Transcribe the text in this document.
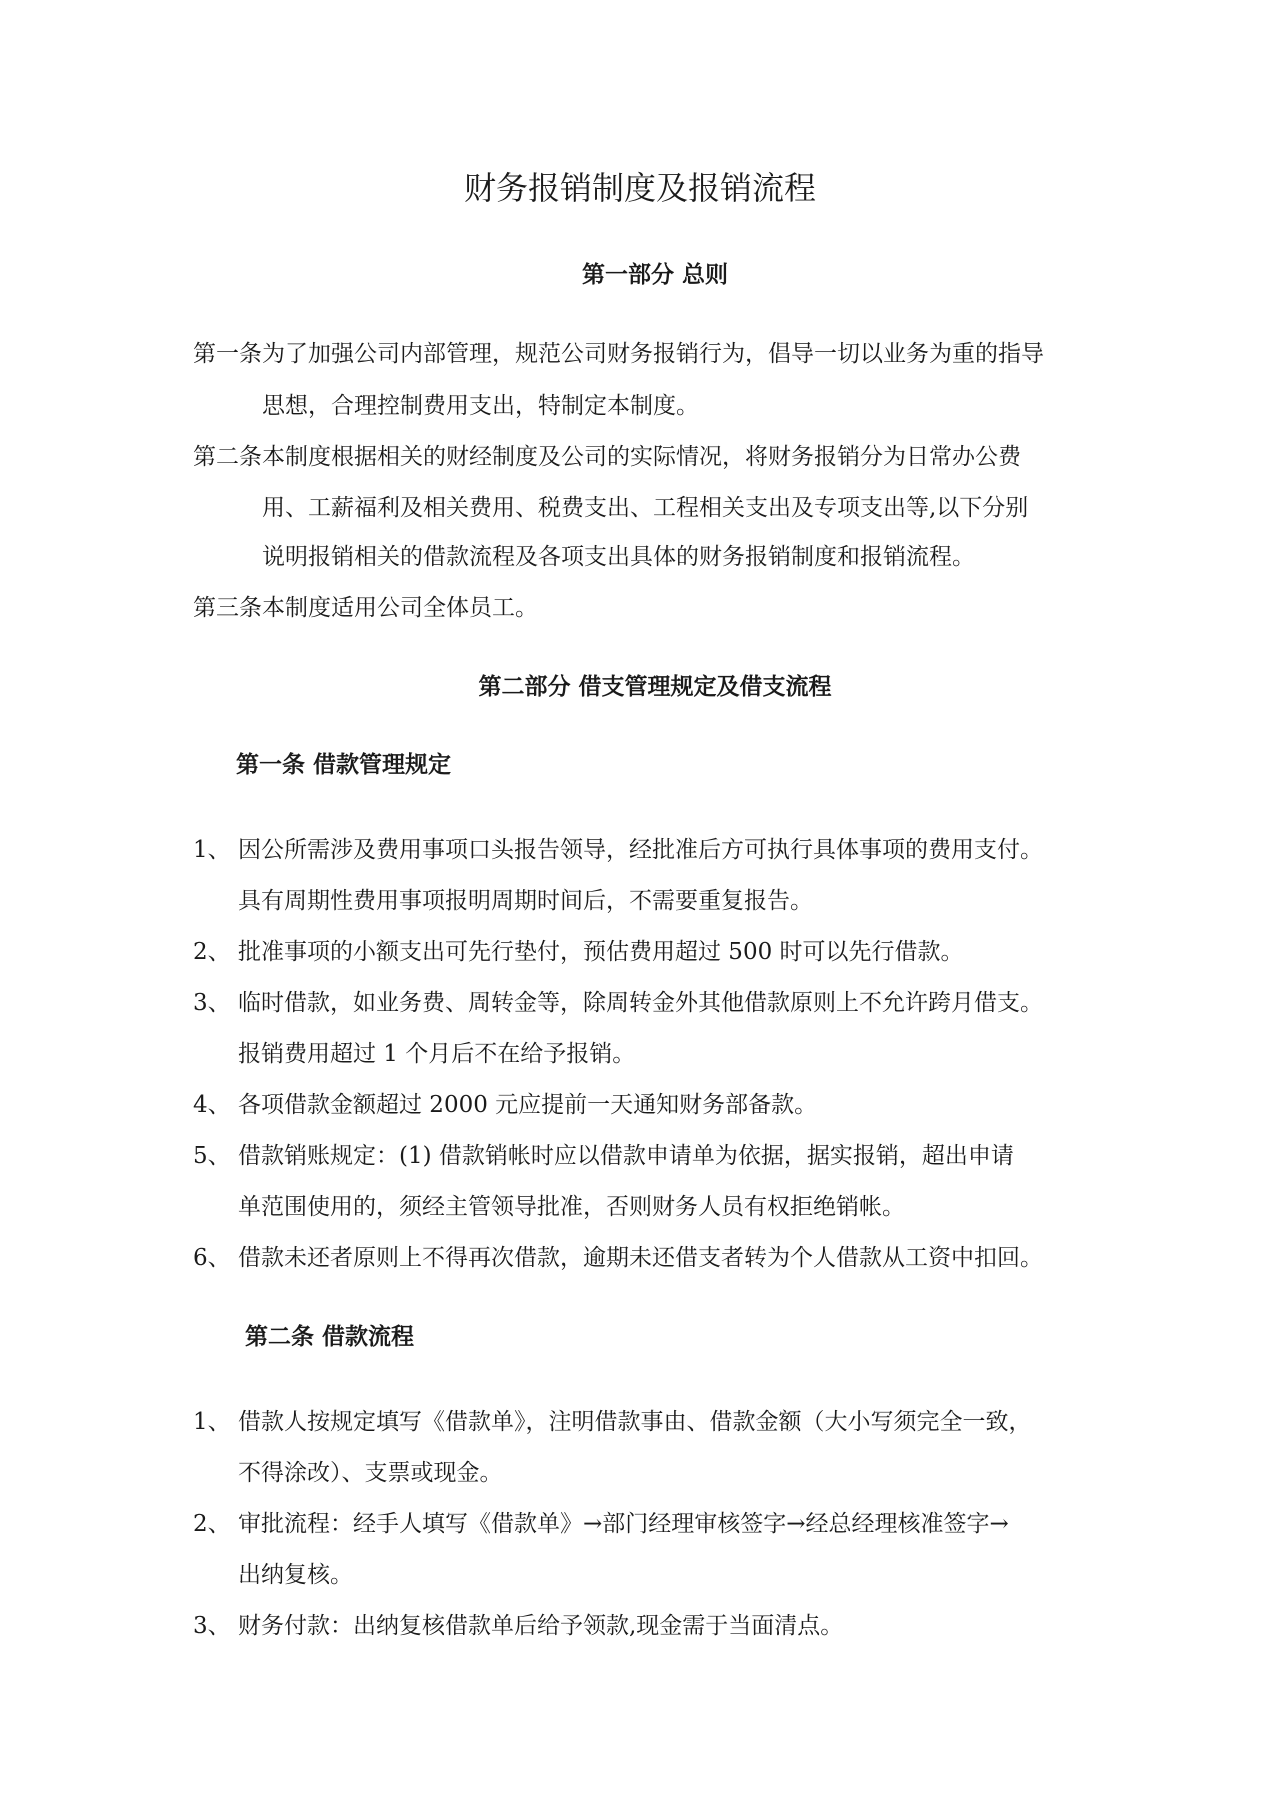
财务报销制度及报销流程
第一部分 总则

第一条为了加强公司内部管理，规范公司财务报销行为，倡导一切以业务为重的指导

思想，合理控制费用支出，特制定本制度。

第二条本制度根据相关的财经制度及公司的实际情况，将财务报销分为日常办公费

用、工薪福利及相关费用、税费支出、工程相关支出及专项支出等,以下分别

说明报销相关的借款流程及各项支出具体的财务报销制度和报销流程。

第三条本制度适用公司全体员工。

第二部分 借支管理规定及借支流程
第一条 借款管理规定
1、 因公所需涉及费用事项口头报告领导，经批准后方可执行具体事项的费用支付。

具有周期性费用事项报明周期时间后，不需要重复报告。

2、 批准事项的小额支出可先行垫付，预估费用超过 500 时可以先行借款。

3、 临时借款，如业务费、周转金等，除周转金外其他借款原则上不允许跨月借支。

报销费用超过 1 个月后不在给予报销。

4、 各项借款金额超过 2000 元应提前一天通知财务部备款。

5、 借款销账规定：(1) 借款销帐时应以借款申请单为依据，据实报销，超出申请

单范围使用的，须经主管领导批准，否则财务人员有权拒绝销帐。

6、 借款未还者原则上不得再次借款，逾期未还借支者转为个人借款从工资中扣回。

第二条 借款流程
1、 借款人按规定填写《借款单》，注明借款事由、借款金额（大小写须完全一致，

不得涂改）、支票或现金。

2、 审批流程：经手人填写《借款单》→部门经理审核签字→经总经理核准签字→

出纳复核。

3、 财务付款：出纳复核借款单后给予领款,现金需于当面清点。
